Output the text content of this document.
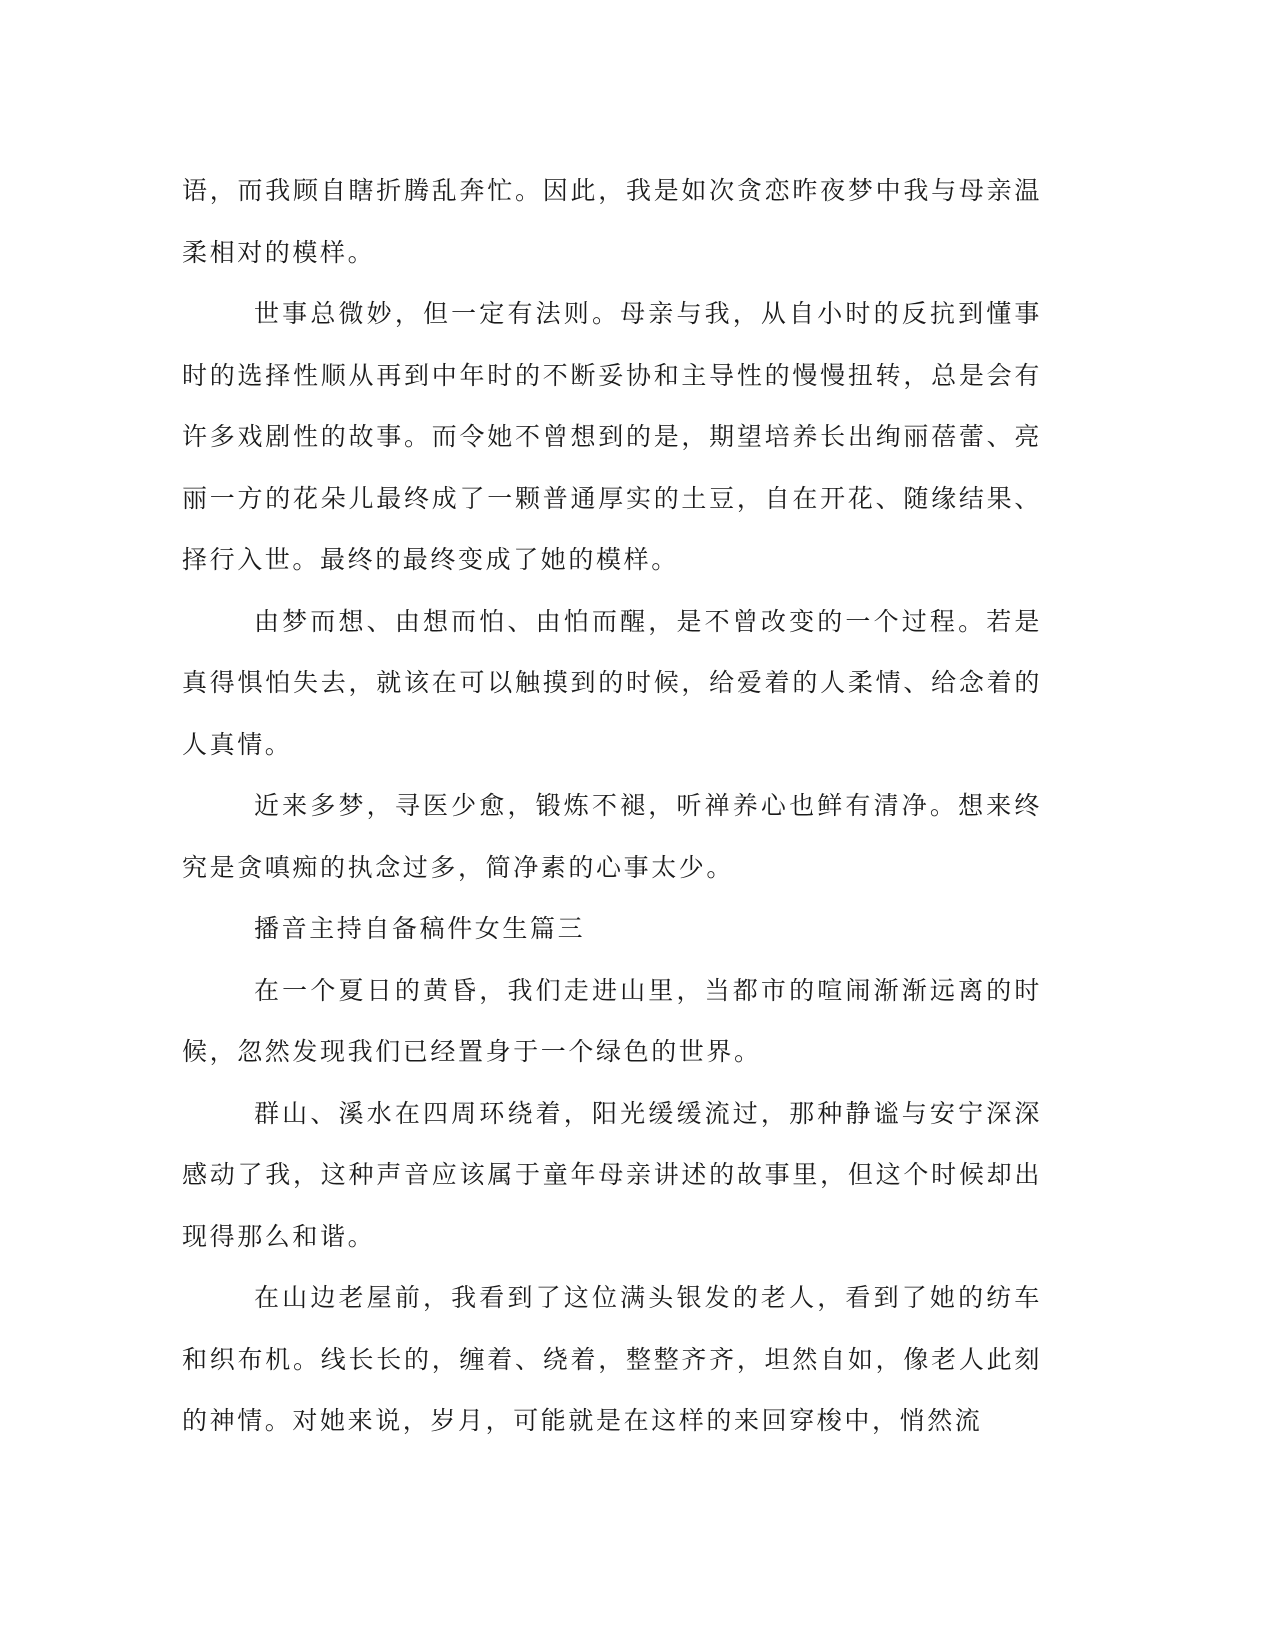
语，而我顾自瞎折腾乱奔忙。因此，我是如次贪恋昨夜梦中我与母亲温柔相对的模样。

世事总微妙，但一定有法则。母亲与我，从自小时的反抗到懂事时的选择性顺从再到中年时的不断妥协和主导性的慢慢扭转，总是会有许多戏剧性的故事。而令她不曾想到的是，期望培养长出绚丽蓓蕾、亮丽一方的花朵儿最终成了一颗普通厚实的土豆，自在开花、随缘结果、择行入世。最终的最终变成了她的模样。

由梦而想、由想而怕、由怕而醒，是不曾改变的一个过程。若是真得惧怕失去，就该在可以触摸到的时候，给爱着的人柔情、给念着的人真情。

近来多梦，寻医少愈，锻炼不褪，听禅养心也鲜有清净。想来终究是贪嗔痴的执念过多，简净素的心事太少。

播音主持自备稿件女生篇三

在一个夏日的黄昏，我们走进山里，当都市的喧闹渐渐远离的时候，忽然发现我们已经置身于一个绿色的世界。

群山、溪水在四周环绕着，阳光缓缓流过，那种静谧与安宁深深感动了我，这种声音应该属于童年母亲讲述的故事里，但这个时候却出现得那么和谐。

在山边老屋前，我看到了这位满头银发的老人，看到了她的纺车和织布机。线长长的，缠着、绕着，整整齐齐，坦然自如，像老人此刻的神情。对她来说，岁月，可能就是在这样的来回穿梭中，悄然流
